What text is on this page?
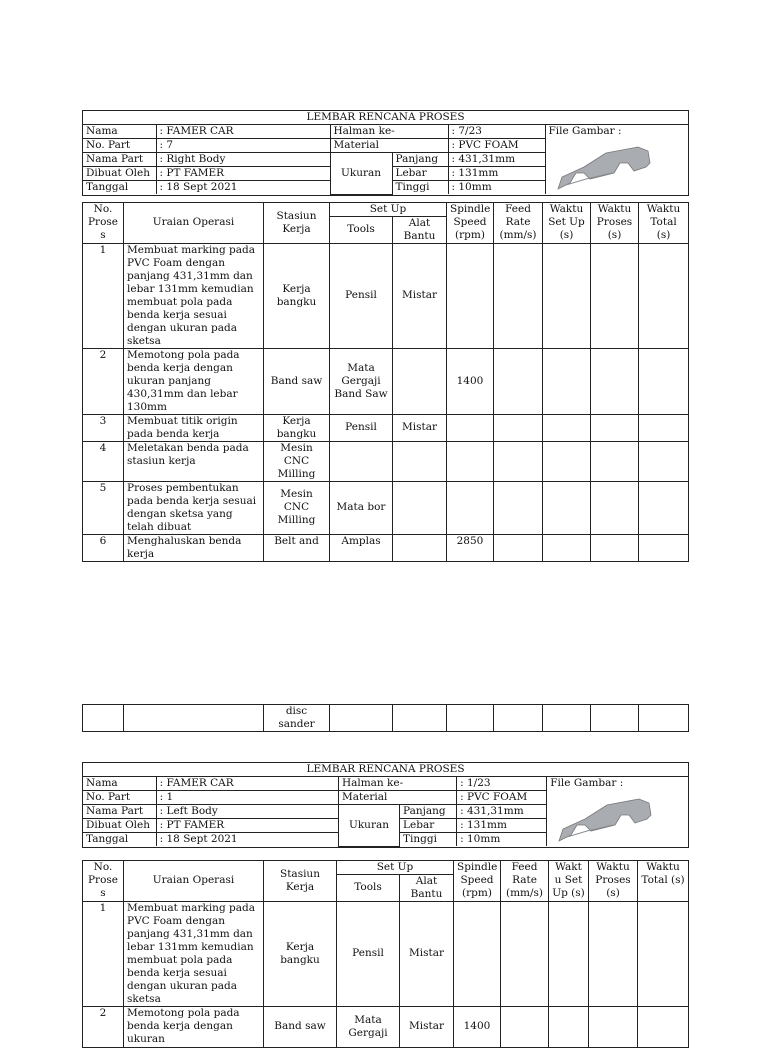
LEMBAR RENCANA PROSES

Nama	: FAMER CAR	Halman ke-	: 7/23	File Gambar :

No. Part	: 7	Material	: PVC FOAM
Nama Part	: Right Body	Ukuran	Panjang	: 431,31mm
Dibuat Oleh	: PT FAMER	Lebar	: 131mm
Tanggal	: 18 Sept 2021	Tinggi	: 10mm

No. Prose s	Uraian Operasi	Stasiun Kerja	Set Up	Spindle Speed (rpm)	Feed Rate (mm/s)	Waktu Set Up (s)	Waktu Proses (s)	Waktu Total (s)
Tools	Alat Bantu
1	Membuat marking pada PVC Foam dengan panjang 431,31mm dan lebar 131mm kemudian membuat pola pada benda kerja sesuai dengan ukuran pada sketsa	Kerja bangku	Pensil	Mistar					
2	Memotong pola pada benda kerja dengan ukuran panjang 430,31mm dan lebar 130mm	Band saw	Mata Gergaji Band Saw		1400				
3	Membuat titik origin pada benda kerja	Kerja bangku	Pensil	Mistar					
4	Meletakan benda pada stasiun kerja	Mesin CNC Milling							
5	Proses pembentukan pada benda kerja sesuai dengan sketsa yang telah dibuat	Mesin CNC Milling	Mata bor						
6	Menghaluskan benda kerja	Belt and	Amplas		2850				
		disc sander							
LEMBAR RENCANA PROSES

Nama	: FAMER CAR	Halman ke-	: 1/23	File Gambar :

No. Part	: 1	Material	: PVC FOAM
Nama Part	: Left Body	Ukuran	Panjang	: 431,31mm
Dibuat Oleh	: PT FAMER	Lebar	: 131mm
Tanggal	: 18 Sept 2021	Tinggi	: 10mm

No. Prose s	Uraian Operasi	Stasiun Kerja	Set Up	Spindle Speed (rpm)	Feed Rate (mm/s)	Wakt u Set Up (s)	Waktu Proses (s)	Waktu Total (s)
Tools	Alat Bantu
1	Membuat marking pada PVC Foam dengan panjang 431,31mm dan lebar 131mm kemudian membuat pola pada benda kerja sesuai dengan ukuran pada sketsa	Kerja bangku	Pensil	Mistar					
2	Memotong pola pada benda kerja dengan ukuran	Band saw	Mata Gergaji	Mistar	1400				
